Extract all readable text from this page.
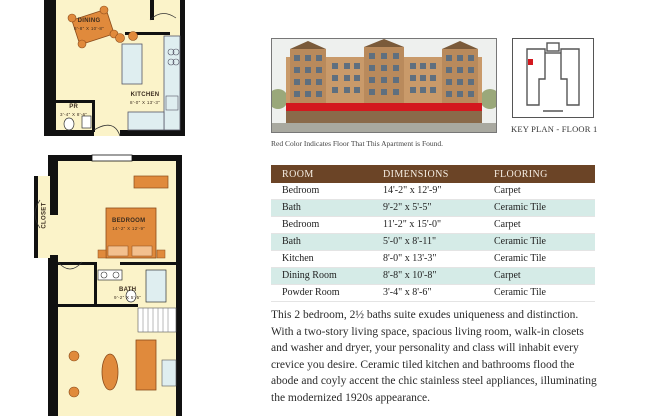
DINING
8'-8" X 10'-8"
KITCHEN
8'-0" X 13'-3"
PR
3'-4" X 8'-6"
BEDROOM
14'-2" X 12'-9"
BATH
9'-2" X 5'-5"
CLOSET
Red Color Indicates Floor That This Apartment is Found.
KEY PLAN - FLOOR 1
ROOM	DIMENSIONS	FLOORING
Bedroom	14'-2" x 12'-9"	Carpet
Bath	9'-2" x 5'-5"	Ceramic Tile
Bedroom	11'-2" x 15'-0"	Carpet
Bath	5'-0" x 8'-11"	Ceramic Tile
Kitchen	8'-0" x 13'-3"	Ceramic Tile
Dining Room	8'-8" x 10'-8"	Carpet
Powder Room	3'-4" x 8'-6"	Ceramic Tile
This 2 bedroom, 2½ baths suite exudes uniqueness and distinction. With a two-story living space, spacious living room, walk-in closets and washer and dryer, your personality and class will inhabit every crevice you desire. Ceramic tiled kitchen and bathrooms flood the abode and coyly accent the chic stainless steel appliances, illuminating the modernized 1920s appearance.
